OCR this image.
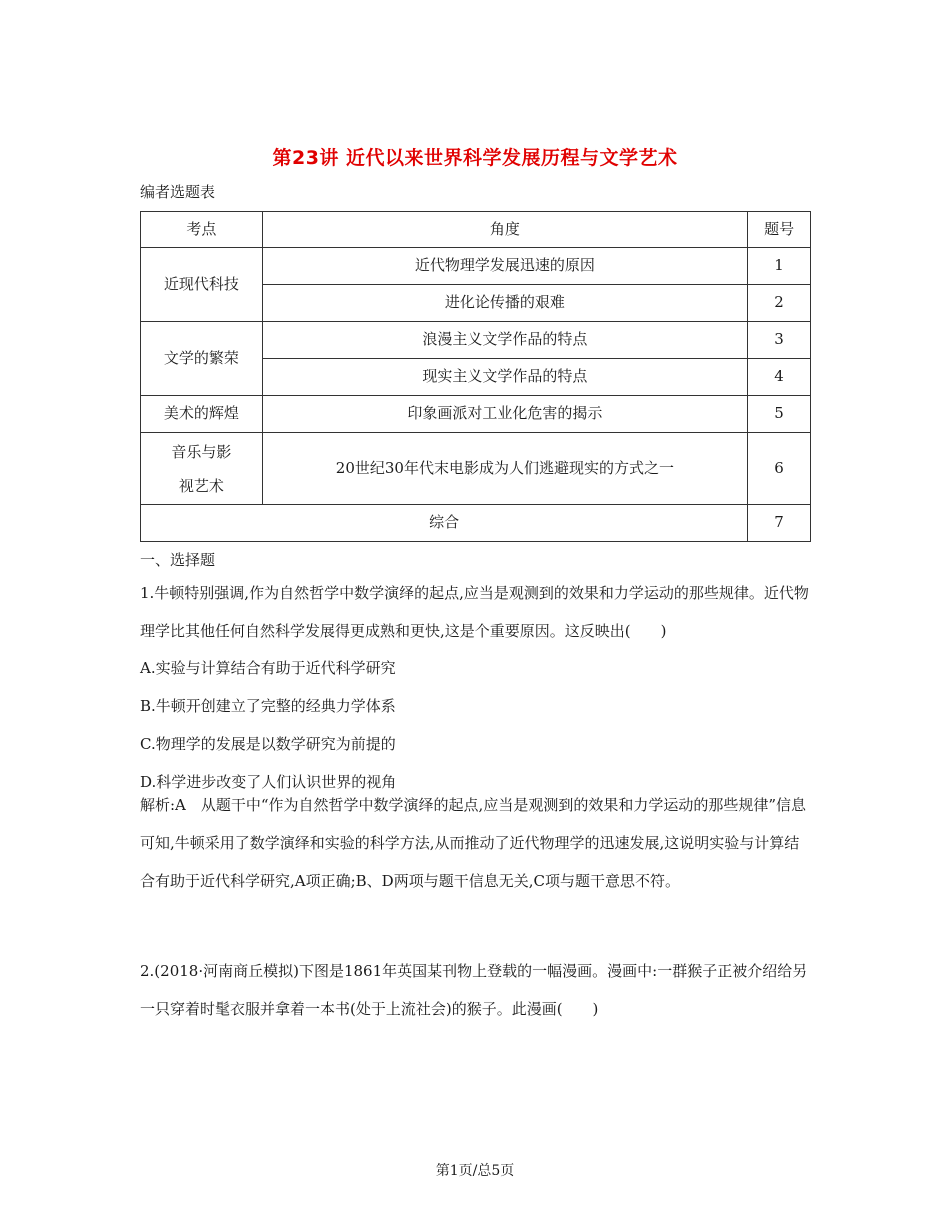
第23讲 近代以来世界科学发展历程与文学艺术
编者选题表
考点	角度	题号
近现代科技	近代物理学发展迅速的原因	1
	进化论传播的艰难	2
文学的繁荣	浪漫主义文学作品的特点	3
	现实主义文学作品的特点	4
美术的辉煌	印象画派对工业化危害的揭示	5

音乐与影
视艺术	20世纪30年代末电影成为人们逃避现实的方式之一	6
综合		7
一、选择题

1.牛顿特别强调,作为自然哲学中数学演绎的起点,应当是观测到的效果和力学运动的那些规律。近代物理学比其他任何自然科学发展得更成熟和更快,这是个重要原因。这反映出(　　)

A.实验与计算结合有助于近代科学研究

B.牛顿开创建立了完整的经典力学体系

C.物理学的发展是以数学研究为前提的

D.科学进步改变了人们认识世界的视角

解析:A　从题干中“作为自然哲学中数学演绎的起点,应当是观测到的效果和力学运动的那些规律”信息可知,牛顿采用了数学演绎和实验的科学方法,从而推动了近代物理学的迅速发展,这说明实验与计算结合有助于近代科学研究,A项正确;B、D两项与题干信息无关,C项与题干意思不符。

2.(2018·河南商丘模拟)下图是1861年英国某刊物上登载的一幅漫画。漫画中:一群猴子正被介绍给另一只穿着时髦衣服并拿着一本书(处于上流社会)的猴子。此漫画(　　)

第1页/总5页
